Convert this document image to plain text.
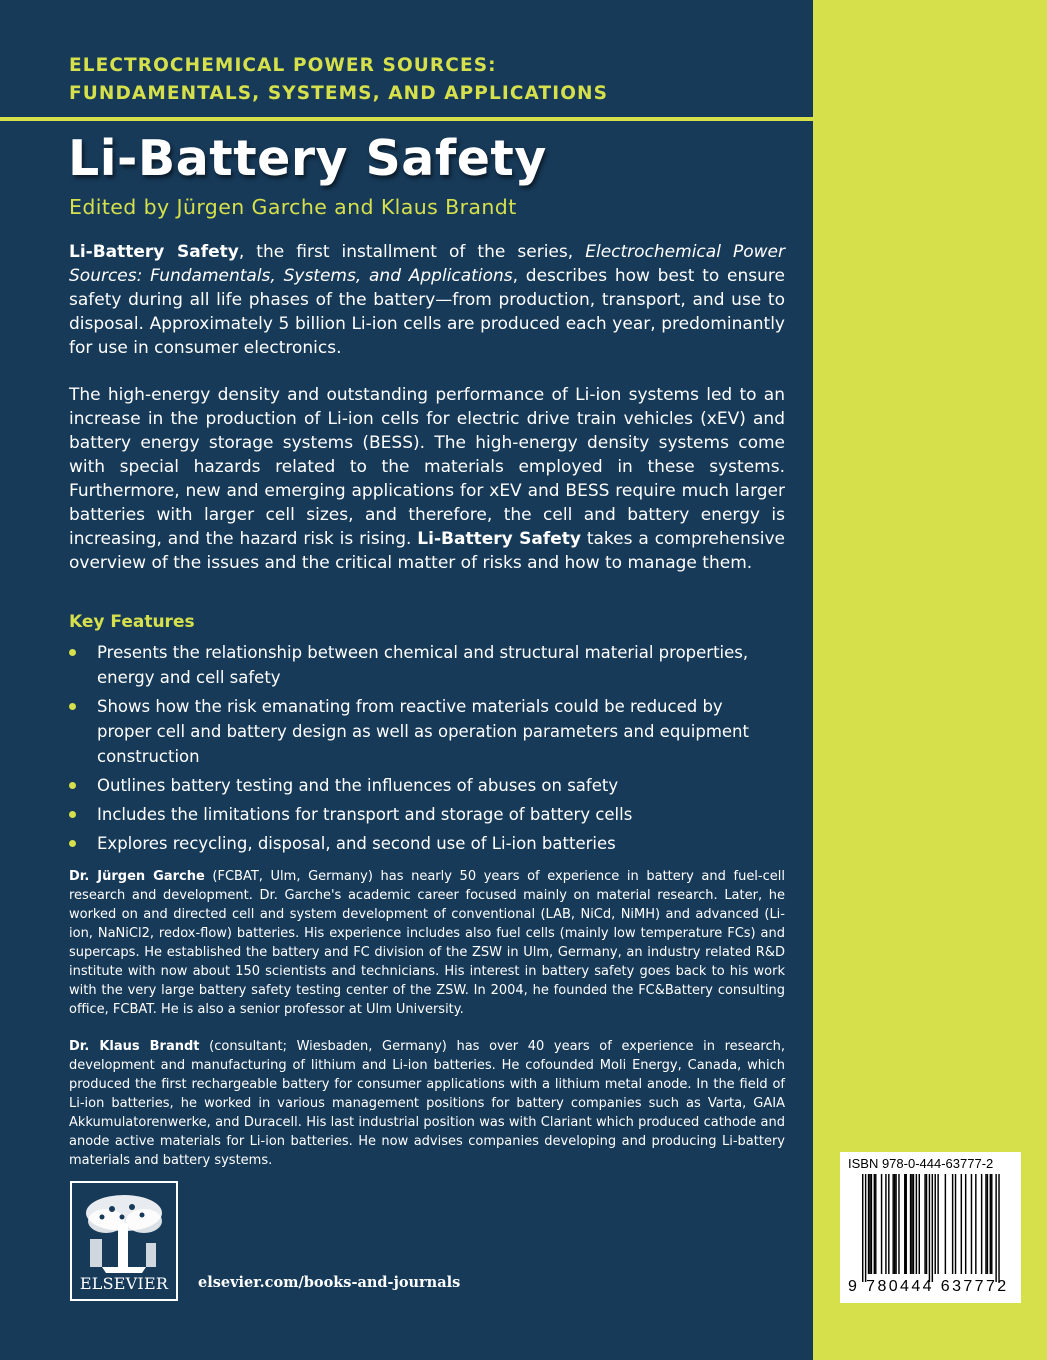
ELECTROCHEMICAL POWER SOURCES:
FUNDAMENTALS, SYSTEMS, AND APPLICATIONS
Li-Battery Safety
Edited by Jürgen Garche and Klaus Brandt

Li-Battery Safety, the first installment of the series, Electrochemical Power Sources: Fundamentals, Systems, and Applications, describes how best to ensure safety during all life phases of the battery—from production, transport, and use to disposal. Approximately 5 billion Li-ion cells are produced each year, predominantly for use in consumer electronics.

The high-energy density and outstanding performance of Li-ion systems led to an increase in the production of Li-ion cells for electric drive train vehicles (xEV) and battery energy storage systems (BESS). The high-energy density systems come with special hazards related to the materials employed in these systems. Furthermore, new and emerging applications for xEV and BESS require much larger batteries with larger cell sizes, and therefore, the cell and battery energy is increasing, and the hazard risk is rising. Li-Battery Safety takes a comprehensive overview of the issues and the critical matter of risks and how to manage them.

Key Features
Presents the relationship between chemical and structural material properties, energy and cell safety
Shows how the risk emanating from reactive materials could be reduced by proper cell and battery design as well as operation parameters and equipment construction
Outlines battery testing and the influences of abuses on safety
Includes the limitations for transport and storage of battery cells
Explores recycling, disposal, and second use of Li-ion batteries

Dr. Jürgen Garche (FCBAT, Ulm, Germany) has nearly 50 years of experience in battery and fuel-cell research and development. Dr. Garche's academic career focused mainly on material research. Later, he worked on and directed cell and system development of conventional (LAB, NiCd, NiMH) and advanced (Li-ion, NaNiCl2, redox-flow) batteries. His experience includes also fuel cells (mainly low temperature FCs) and supercaps. He established the battery and FC division of the ZSW in Ulm, Germany, an industry related R&D institute with now about 150 scientists and technicians. His interest in battery safety goes back to his work with the very large battery safety testing center of the ZSW. In 2004, he founded the FC&Battery consulting office, FCBAT. He is also a senior professor at Ulm University.

Dr. Klaus Brandt (consultant; Wiesbaden, Germany) has over 40 years of experience in research, development and manufacturing of lithium and Li-ion batteries. He cofounded Moli Energy, Canada, which produced the first rechargeable battery for consumer applications with a lithium metal anode. In the field of Li-ion batteries, he worked in various management positions for battery companies such as Varta, GAIA Akkumulatorenwerke, and Duracell. His last industrial position was with Clariant which produced cathode and anode active materials for Li-ion batteries. He now advises companies developing and producing Li-battery materials and battery systems.

ELSEVIER	elsevier.com/books-and-journals
ISBN 978-0-444-63777-2
9 780444 637772
